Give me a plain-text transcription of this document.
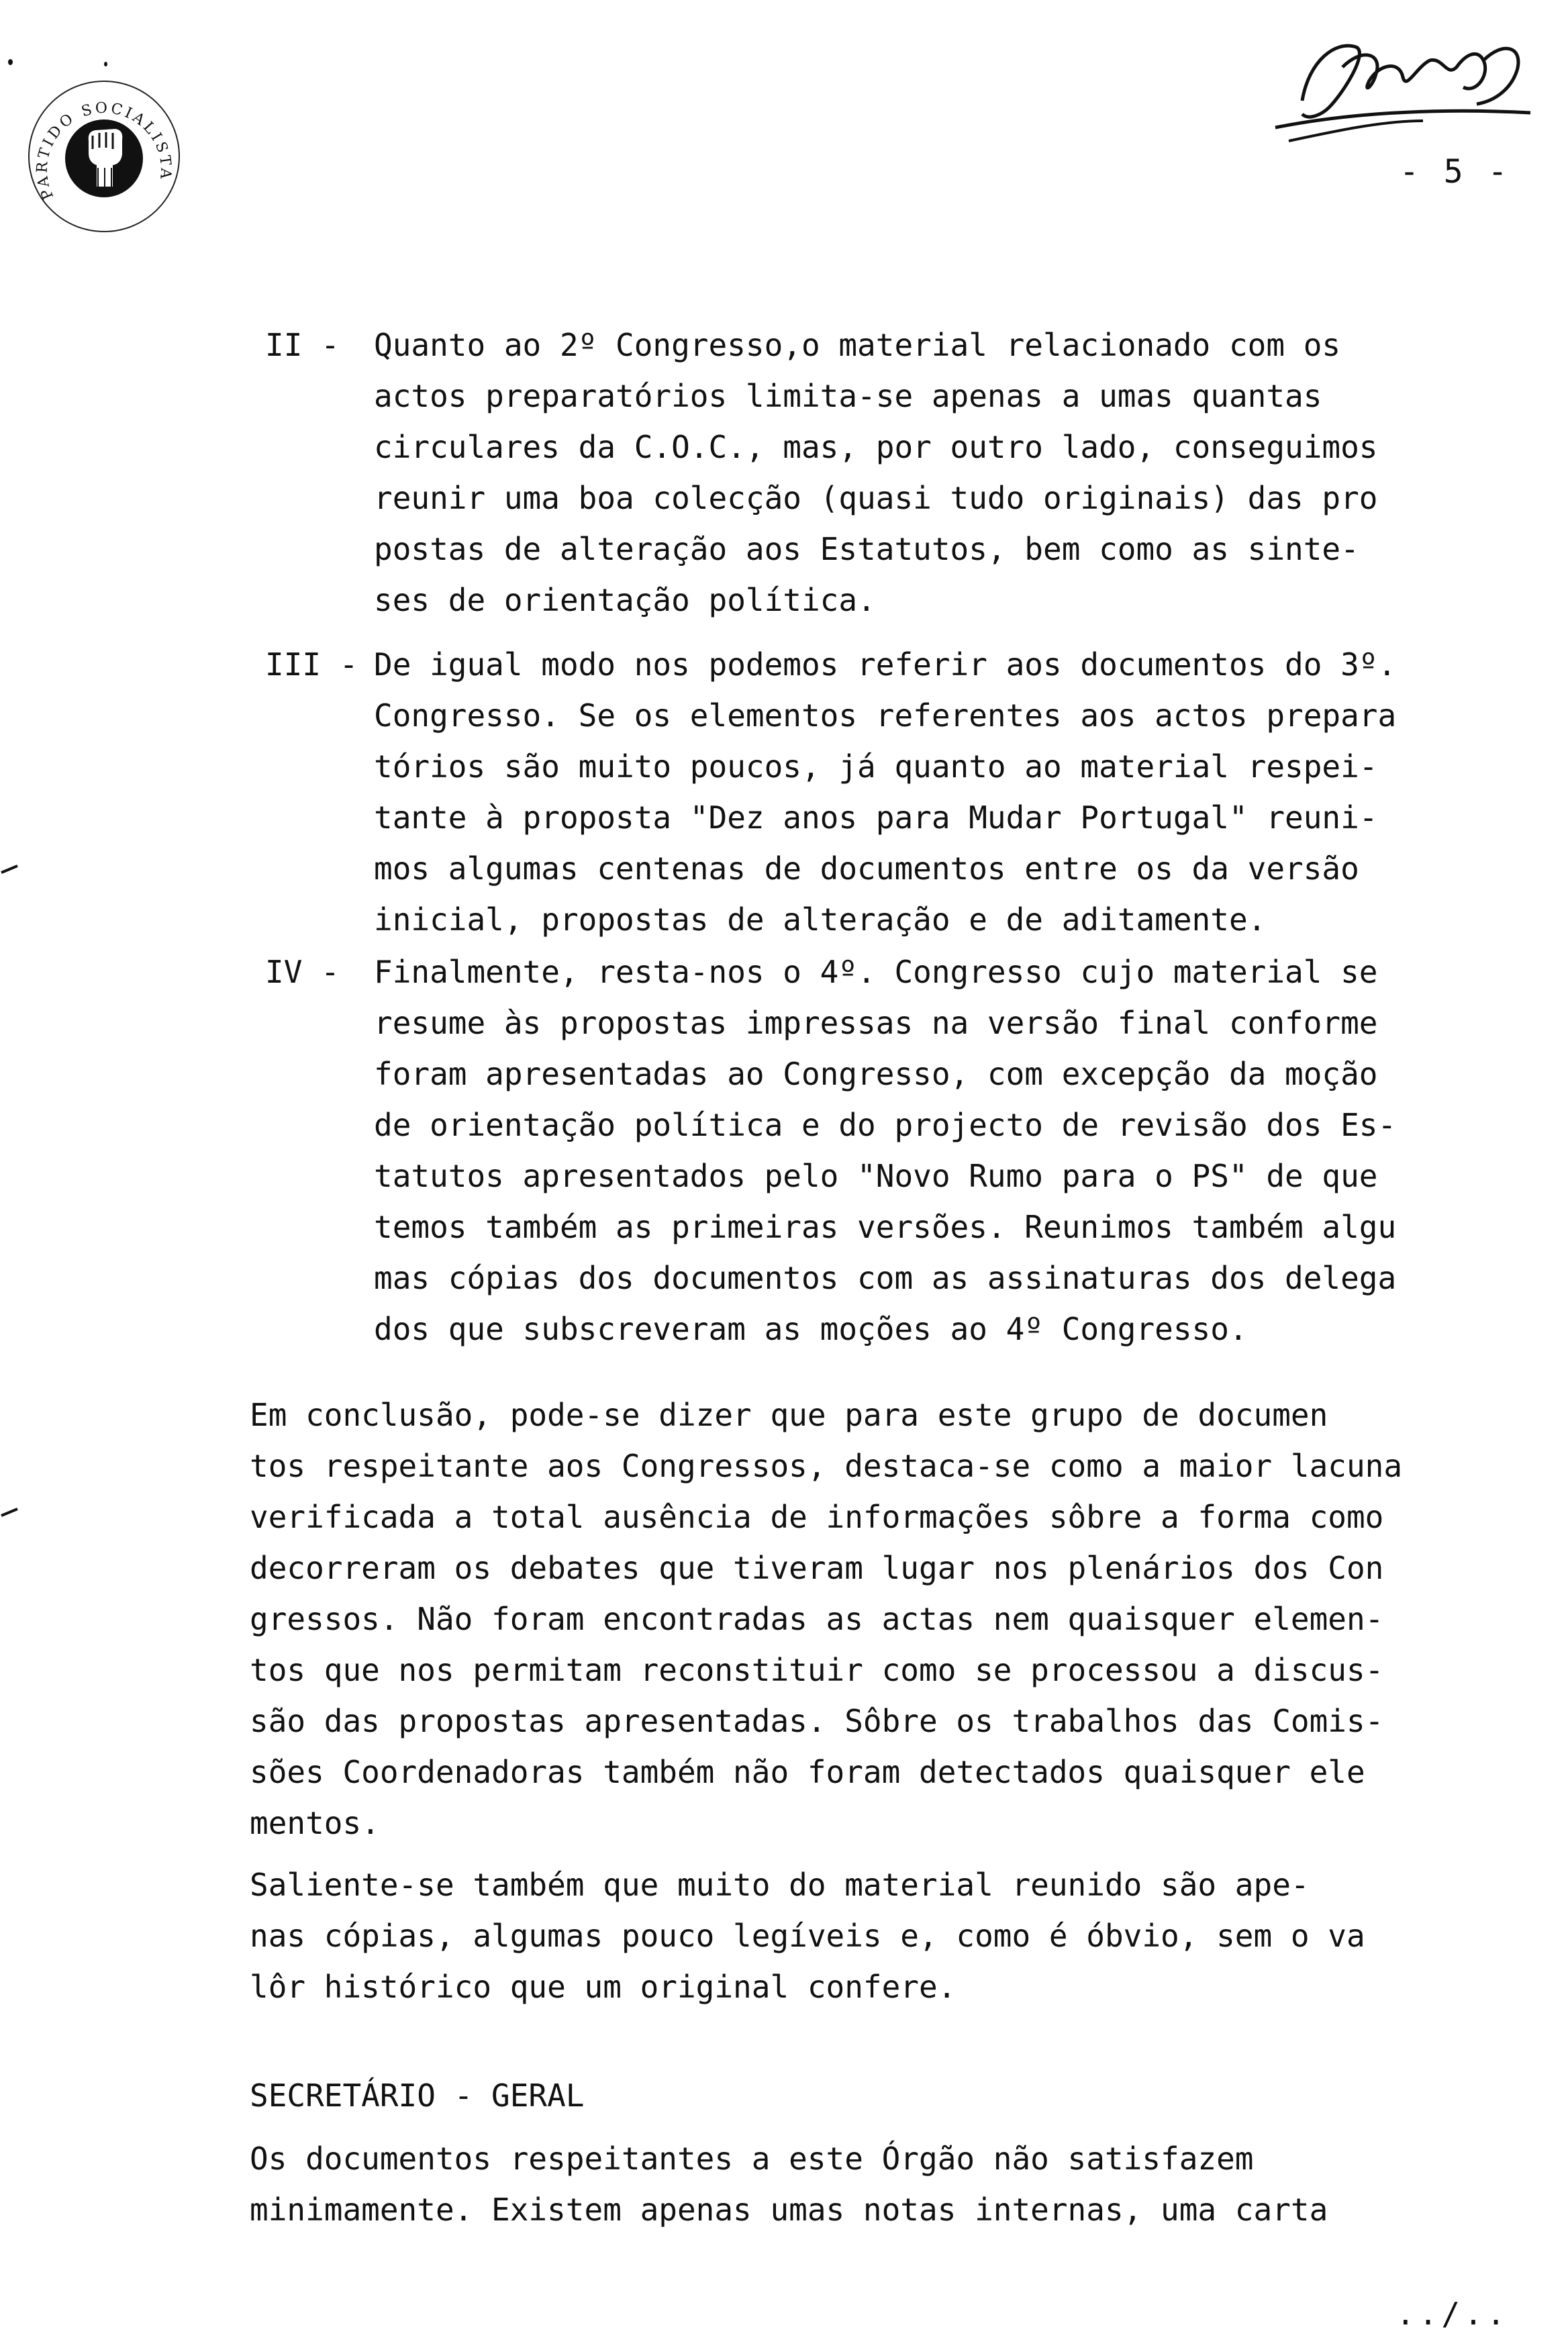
PARTIDO SOCIALISTA	- 5 -
II - Quanto ao 2º Congresso,o material relacionado com os
actos preparatórios limita-se apenas a umas quantas
circulares da C.O.C., mas, por outro lado, conseguimos
reunir uma boa colecção (quasi tudo originais) das pro
postas de alteração aos Estatutos, bem como as sinte-
ses de orientação política.
III - De igual modo nos podemos referir aos documentos do 3º.
Congresso. Se os elementos referentes aos actos prepara
tórios são muito poucos, já quanto ao material respei-
tante à proposta "Dez anos para Mudar Portugal" reuni-
mos algumas centenas de documentos entre os da versão
inicial, propostas de alteração e de aditamente.
IV - Finalmente, resta-nos o 4º. Congresso cujo material se
resume às propostas impressas na versão final conforme
foram apresentadas ao Congresso, com excepção da moção
de orientação política e do projecto de revisão dos Es-
tatutos apresentados pelo "Novo Rumo para o PS" de que
temos também as primeiras versões. Reunimos também algu
mas cópias dos documentos com as assinaturas dos delega
dos que subscreveram as moções ao 4º Congresso.
Em conclusão, pode-se dizer que para este grupo de documen
tos respeitante aos Congressos, destaca-se como a maior lacuna
verificada a total ausência de informações sôbre a forma como
decorreram os debates que tiveram lugar nos plenários dos Con
gressos. Não foram encontradas as actas nem quaisquer elemen-
tos que nos permitam reconstituir como se processou a discus-
são das propostas apresentadas. Sôbre os trabalhos das Comis-
sões Coordenadoras também não foram detectados quaisquer ele
mentos.
Saliente-se também que muito do material reunido são ape-
nas cópias, algumas pouco legíveis e, como é óbvio, sem o va
lôr histórico que um original confere.
SECRETÁRIO - GERAL
Os documentos respeitantes a este Órgão não satisfazem
minimamente. Existem apenas umas notas internas, uma carta
../..
